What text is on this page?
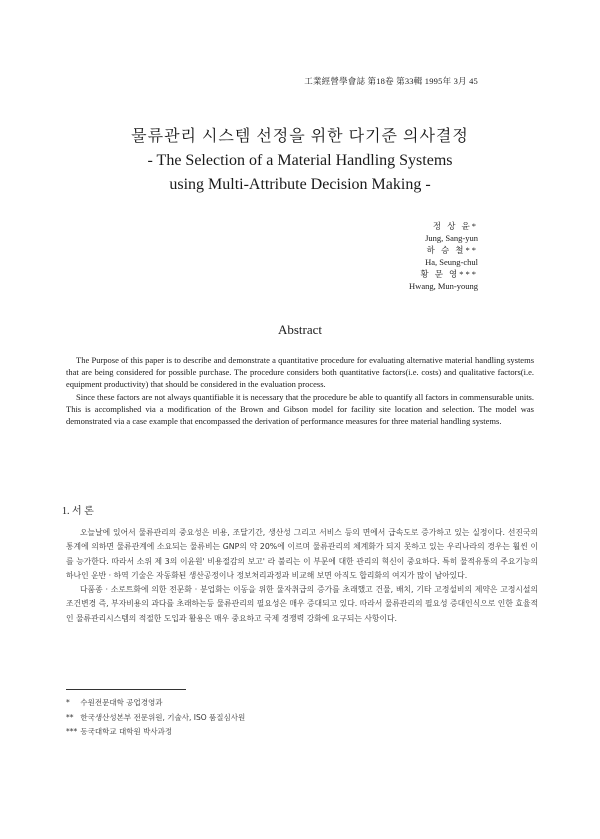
工業經營學會誌 第18卷 第33輯 1995年 3月 45

물류관리 시스템 선정을 위한 다기준 의사결정

- The Selection of a Material Handling Systems

using Multi-Attribute Decision Making -

정 상 윤*
Jung, Sang-yun
하 승 철**
Ha, Seung-chul
황 문 영***
Hwang, Mun-young
Abstract

The Purpose of this paper is to describe and demonstrate a quantitative procedure for evaluating alternative material handling systems that are being considered for possible purchase. The procedure considers both quantitative factors(i.e. costs) and qualitative factors(i.e. equipment productivity) that should be considered in the evaluation process.

Since these factors are not always quantifiable it is necessary that the procedure be able to quantify all factors in commensurable units. This is accomplished via a modification of the Brown and Gibson model for facility site location and selection. The model was demonstrated via a case example that encompassed the derivation of performance measures for three material handling systems.

1. 서 론

오늘날에 있어서 물류관리의 중요성은 비용, 조달기간, 생산성 그리고 서비스 등의 면에서 급속도로 증가하고 있는 실정이다. 선진국의 통계에 의하면 물류관계에 소요되는 물류비는 GNP의 약 20%에 이르며 물류관리의 체계화가 되지 못하고 있는 우리나라의 경우는 훨씬 이를 능가한다. 따라서 소위 제 3의 이윤원' 비용절감의 보고' 라 불리는 이 부문에 대한 관리의 혁신이 중요하다. 특히 물적유통의 주요기능의 하나인 운반 · 하역 기술은 자동화된 생산공정이나 정보처리과정과 비교해 보면 아직도 합리화의 여지가 많이 남아있다.

다품종 · 소로트화에 의한 전문화 · 분업화는 이동을 위한 물자취급의 증가를 초래했고 건물, 배치, 기타 고정설비의 제약은 고정시설의 조건변경 즉, 부자비용의 과다를 초래하는등 물류관리의 필요성은 매우 증대되고 있다. 따라서 물류관리의 필요성 증대인식으로 인한 효율적인 물류관리시스템의 적절한 도입과 활용은 매우 중요하고 국제 경쟁력 강화에 요구되는 사항이다.

* 수원전문대학 공업경영과
** 한국생산성본부 전문위원, 기술사, ISO 품질심사원
*** 동국대학교 대학원 박사과정
